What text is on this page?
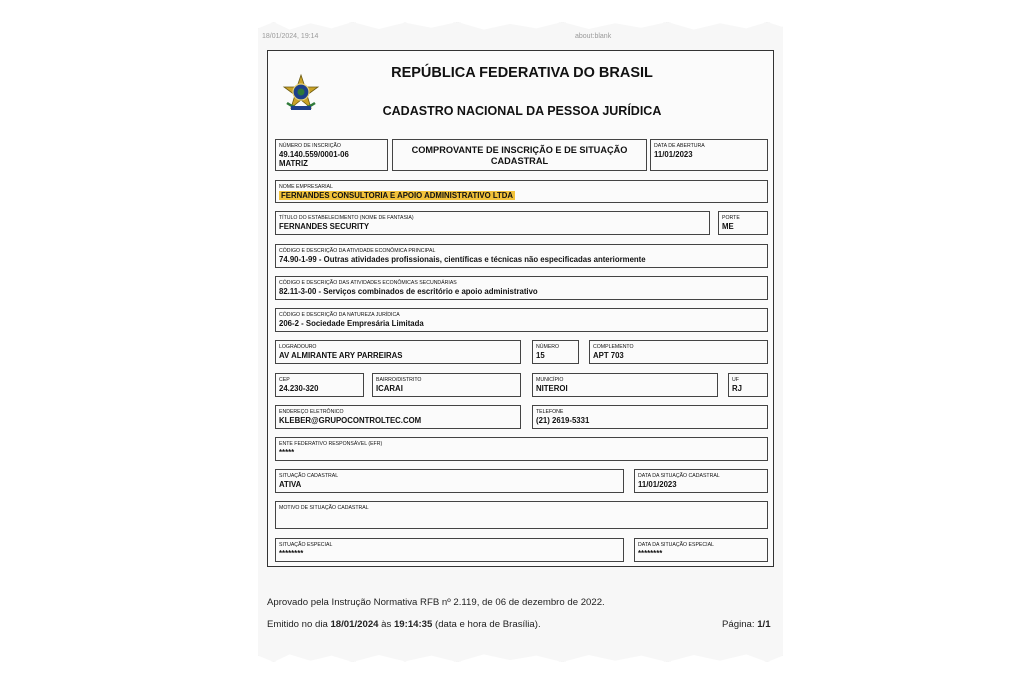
18/01/2024, 19:14	about:blank
REPÚBLICA FEDERATIVA DO BRASIL
CADASTRO NACIONAL DA PESSOA JURÍDICA
NÚMERO DE INSCRIÇÃO
49.140.559/0001-06
MATRIZ
COMPROVANTE DE INSCRIÇÃO E DE SITUAÇÃO
CADASTRAL
DATA DE ABERTURA
11/01/2023
NOME EMPRESARIAL
FERNANDES CONSULTORIA E APOIO ADMINISTRATIVO LTDA
TÍTULO DO ESTABELECIMENTO (NOME DE FANTASIA)
FERNANDES SECURITY
PORTE
ME
CÓDIGO E DESCRIÇÃO DA ATIVIDADE ECONÔMICA PRINCIPAL
74.90-1-99 - Outras atividades profissionais, científicas e técnicas não especificadas anteriormente
CÓDIGO E DESCRIÇÃO DAS ATIVIDADES ECONÔMICAS SECUNDÁRIAS
82.11-3-00 - Serviços combinados de escritório e apoio administrativo
CÓDIGO E DESCRIÇÃO DA NATUREZA JURÍDICA
206-2 - Sociedade Empresária Limitada
LOGRADOURO
AV ALMIRANTE ARY PARREIRAS
NÚMERO
15
COMPLEMENTO
APT 703
CEP
24.230-320
BAIRRO/DISTRITO
ICARAI
MUNICÍPIO
NITEROI
UF
RJ
ENDEREÇO ELETRÔNICO
KLEBER@GRUPOCONTROLTEC.COM
TELEFONE
(21) 2619-5331
ENTE FEDERATIVO RESPONSÁVEL (EFR)
*****
SITUAÇÃO CADASTRAL
ATIVA
DATA DA SITUAÇÃO CADASTRAL
11/01/2023
MOTIVO DE SITUAÇÃO CADASTRAL
SITUAÇÃO ESPECIAL
********
DATA DA SITUAÇÃO ESPECIAL
********
Aprovado pela Instrução Normativa RFB nº 2.119, de 06 de dezembro de 2022.
Emitido no dia 18/01/2024 às 19:14:35 (data e hora de Brasília).	Página: 1/1
